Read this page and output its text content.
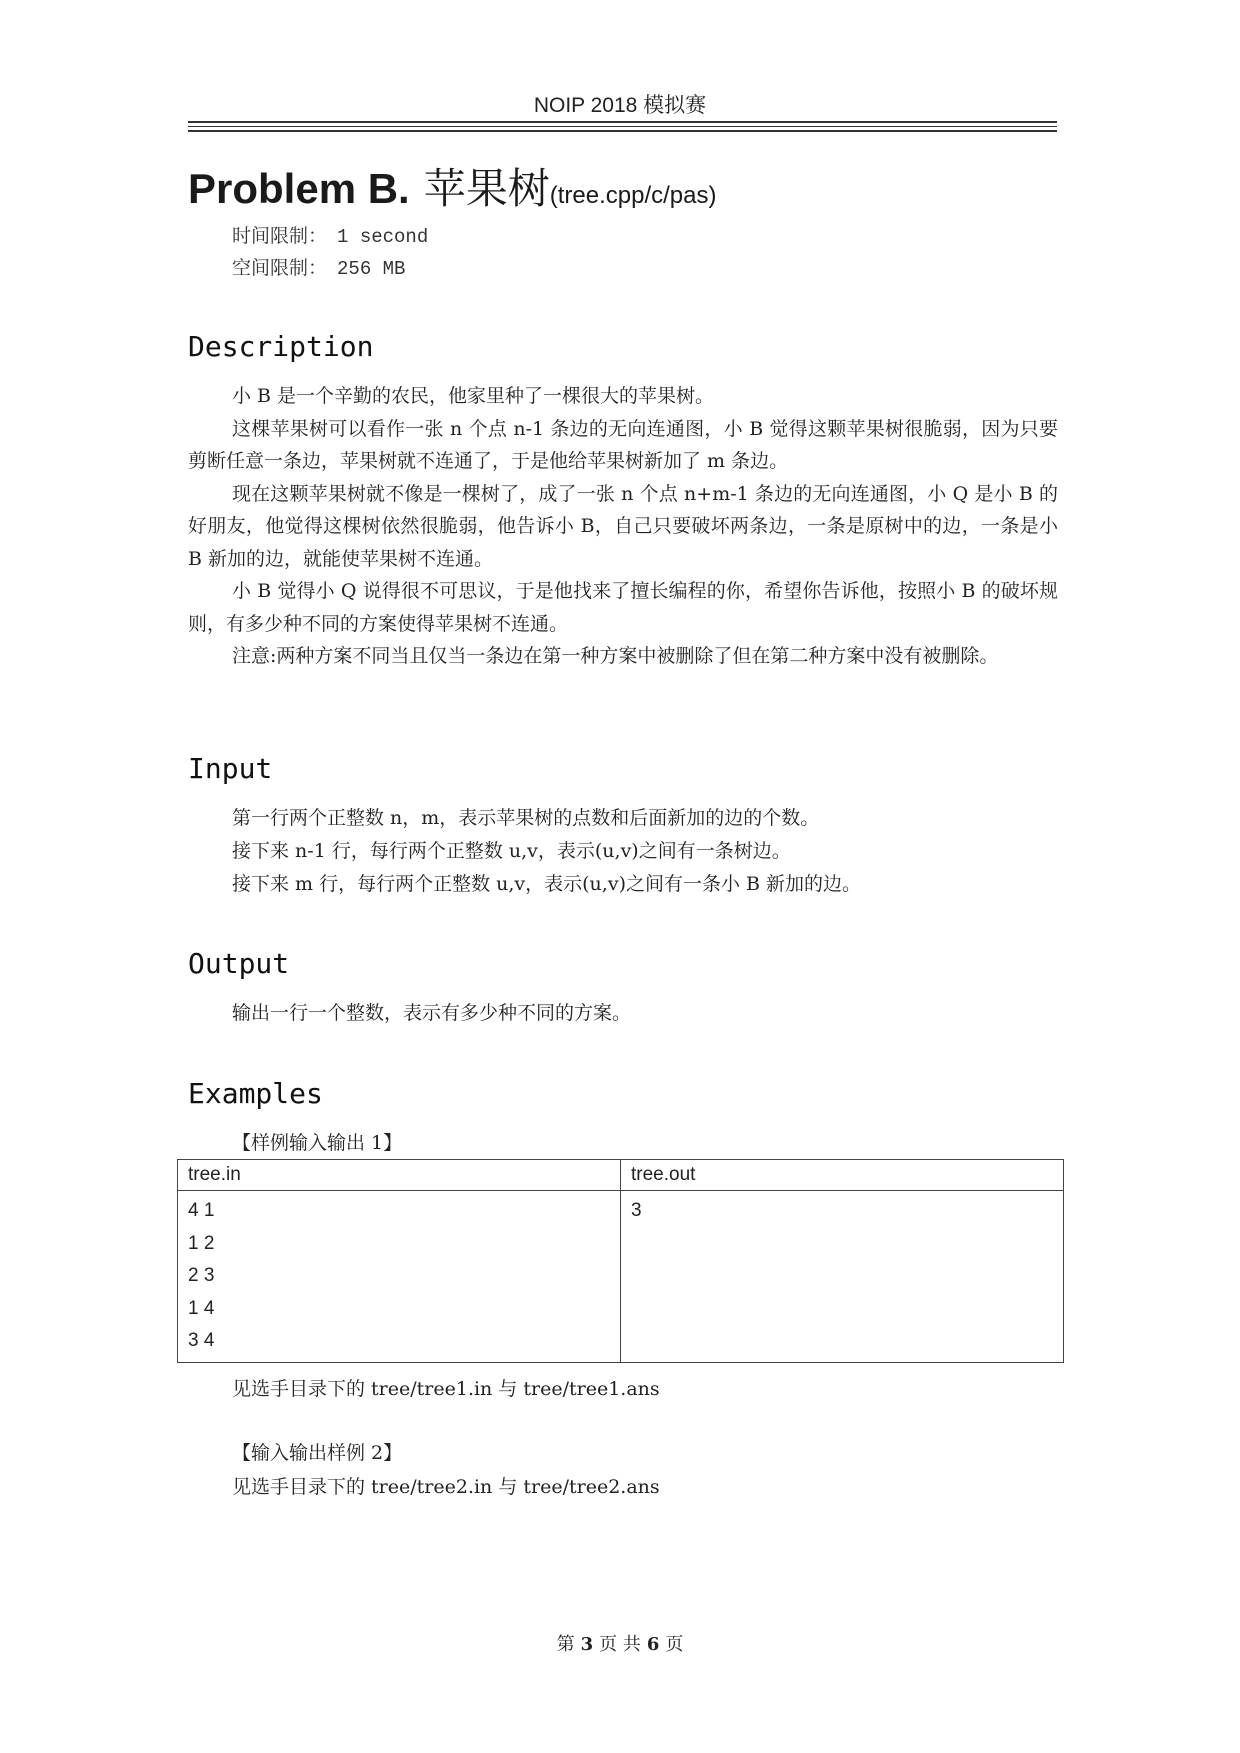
NOIP 2018 模拟赛
Problem B. 苹果树(tree.cpp/c/pas)
时间限制： 1 second
空间限制： 256 MB
Description

小 B 是一个辛勤的农民，他家里种了一棵很大的苹果树。

这棵苹果树可以看作一张 n 个点 n-1 条边的无向连通图，小 B 觉得这颗苹果树很脆弱，因为只要剪断任意一条边，苹果树就不连通了，于是他给苹果树新加了 m 条边。

现在这颗苹果树就不像是一棵树了，成了一张 n 个点 n+m-1 条边的无向连通图，小 Q 是小 B 的好朋友，他觉得这棵树依然很脆弱，他告诉小 B，自己只要破坏两条边，一条是原树中的边，一条是小 B 新加的边，就能使苹果树不连通。

小 B 觉得小 Q 说得很不可思议，于是他找来了擅长编程的你，希望你告诉他，按照小 B 的破坏规则，有多少种不同的方案使得苹果树不连通。

注意:两种方案不同当且仅当一条边在第一种方案中被删除了但在第二种方案中没有被删除。

Input
第一行两个正整数 n，m，表示苹果树的点数和后面新加的边的个数。
接下来 n-1 行，每行两个正整数 u,v，表示(u,v)之间有一条树边。
接下来 m 行，每行两个正整数 u,v，表示(u,v)之间有一条小 B 新加的边。
Output
输出一行一个整数，表示有多少种不同的方案。
Examples
【样例输入输出 1】
tree.in	tree.out

4 1
1 2
2 3
1 4
3 4	3
见选手目录下的 tree/tree1.in 与 tree/tree1.ans
【输入输出样例 2】
见选手目录下的 tree/tree2.in 与 tree/tree2.ans
第 3 页 共 6 页
